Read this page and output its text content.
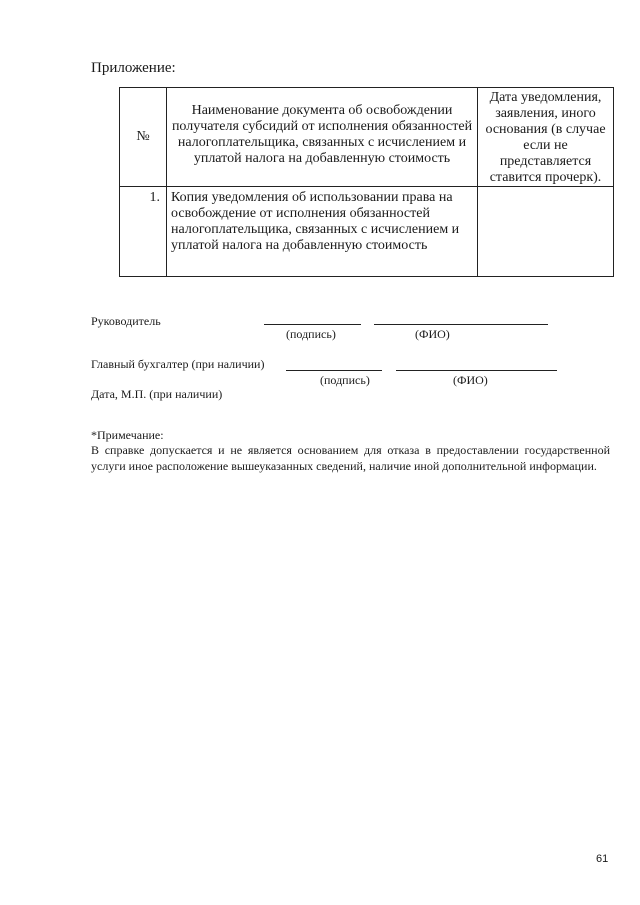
Приложение:
№	Наименование документа об освобождении получателя субсидий от исполнения обязанностей налогоплательщика, связанных с исчислением и уплатой налога на добавленную стоимость	Дата уведомления, заявления, иного основания (в случае если не представляется ставится прочерк).
1.	Копия уведомления об использовании права на освобождение от исполнения обязанностей налогоплательщика, связанных с исчислением и уплатой налога на добавленную стоимость	
Руководитель
(подпись)	(ФИО)
Главный бухгалтер (при наличии)
(подпись)	(ФИО)
Дата, М.П. (при наличии)
*Примечание:
В справке допускается и не является основанием для отказа в предоставлении государственной услуги иное расположение вышеуказанных сведений, наличие иной дополнительной информации.
61
